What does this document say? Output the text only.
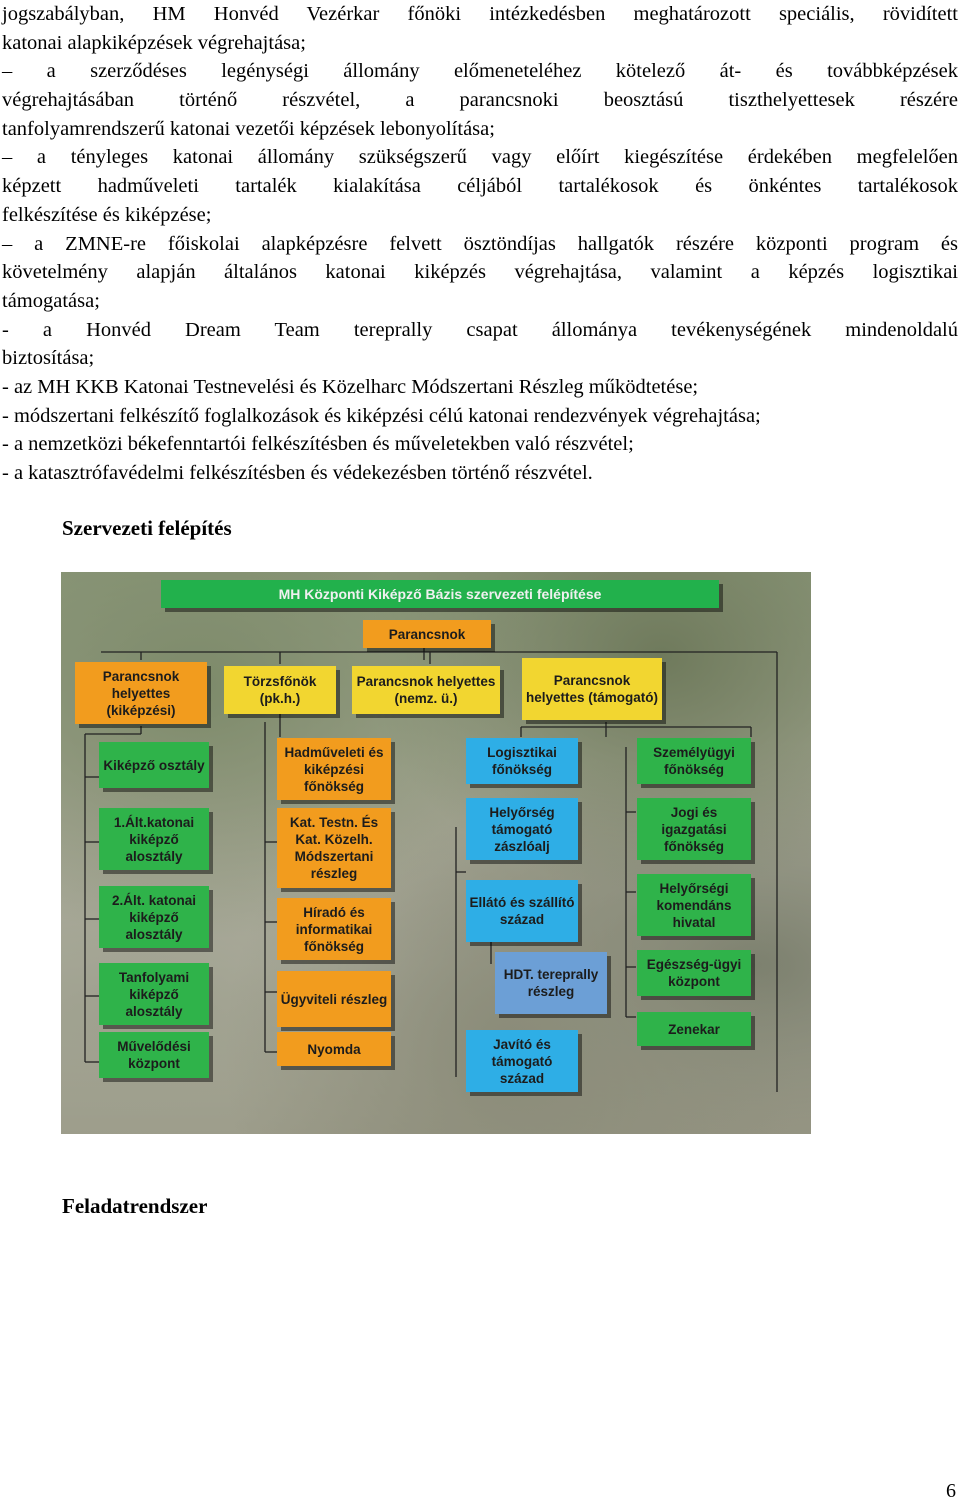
jogszabályban, HM Honvéd Vezérkar főnöki intézkedésben meghatározott speciális, rövidített
katonai alapkiképzések végrehajtása;
– a szerződéses legénységi állomány előmeneteléhez kötelező át- és továbbképzések
végrehajtásában történő részvétel, a parancsnoki beosztású tiszthelyettesek részére
tanfolyamrendszerű katonai vezetői képzések lebonyolítása;
– a tényleges katonai állomány szükségszerű vagy előírt kiegészítése érdekében megfelelően
képzett hadműveleti tartalék kialakítása céljából tartalékosok és önkéntes tartalékosok
felkészítése és kiképzése;
– a ZMNE-re főiskolai alapképzésre felvett ösztöndíjas hallgatók részére központi program és
követelmény alapján általános katonai kiképzés végrehajtása, valamint a képzés logisztikai
támogatása;
- a Honvéd Dream Team tereprally csapat állománya tevékenységének mindenoldalú
biztosítása;
- az MH KKB Katonai Testnevelési és Közelharc Módszertani Részleg működtetése;
- módszertani felkészítő foglalkozások és kiképzési célú katonai rendezvények végrehajtása;
- a nemzetközi békefenntartói felkészítésben és műveletekben való részvétel;
- a katasztrófavédelmi felkészítésben és védekezésben történő részvétel.
Szervezeti felépítés
MH Központi Kiképző Bázis szervezeti felépítése
Parancsnok
Parancsnok helyettes (kiképzési)
Törzsfőnök (pk.h.)
Parancsnok helyettes (nemz. ü.)
Parancsnok helyettes (támogató)
Kiképző osztály
1.Ált.katonai kiképző alosztály
2.Ált. katonai kiképző alosztály
Tanfolyami kiképző alosztály
Művelődési központ
Hadműveleti és kiképzési főnökség
Kat. Testn. És Kat. Közelh. Módszertani részleg
Híradó és informatikai főnökség
Ügyviteli részleg
Nyomda
Logisztikai főnökség
Helyőrség támogató zászlóalj
Ellátó és szállító század
HDT. tereprally részleg
Javító és támogató század
Személyügyi főnökség
Jogi és igazgatási főnökség
Helyőrségi komendáns hivatal
Egészség-ügyi központ
Zenekar
Feladatrendszer
6
